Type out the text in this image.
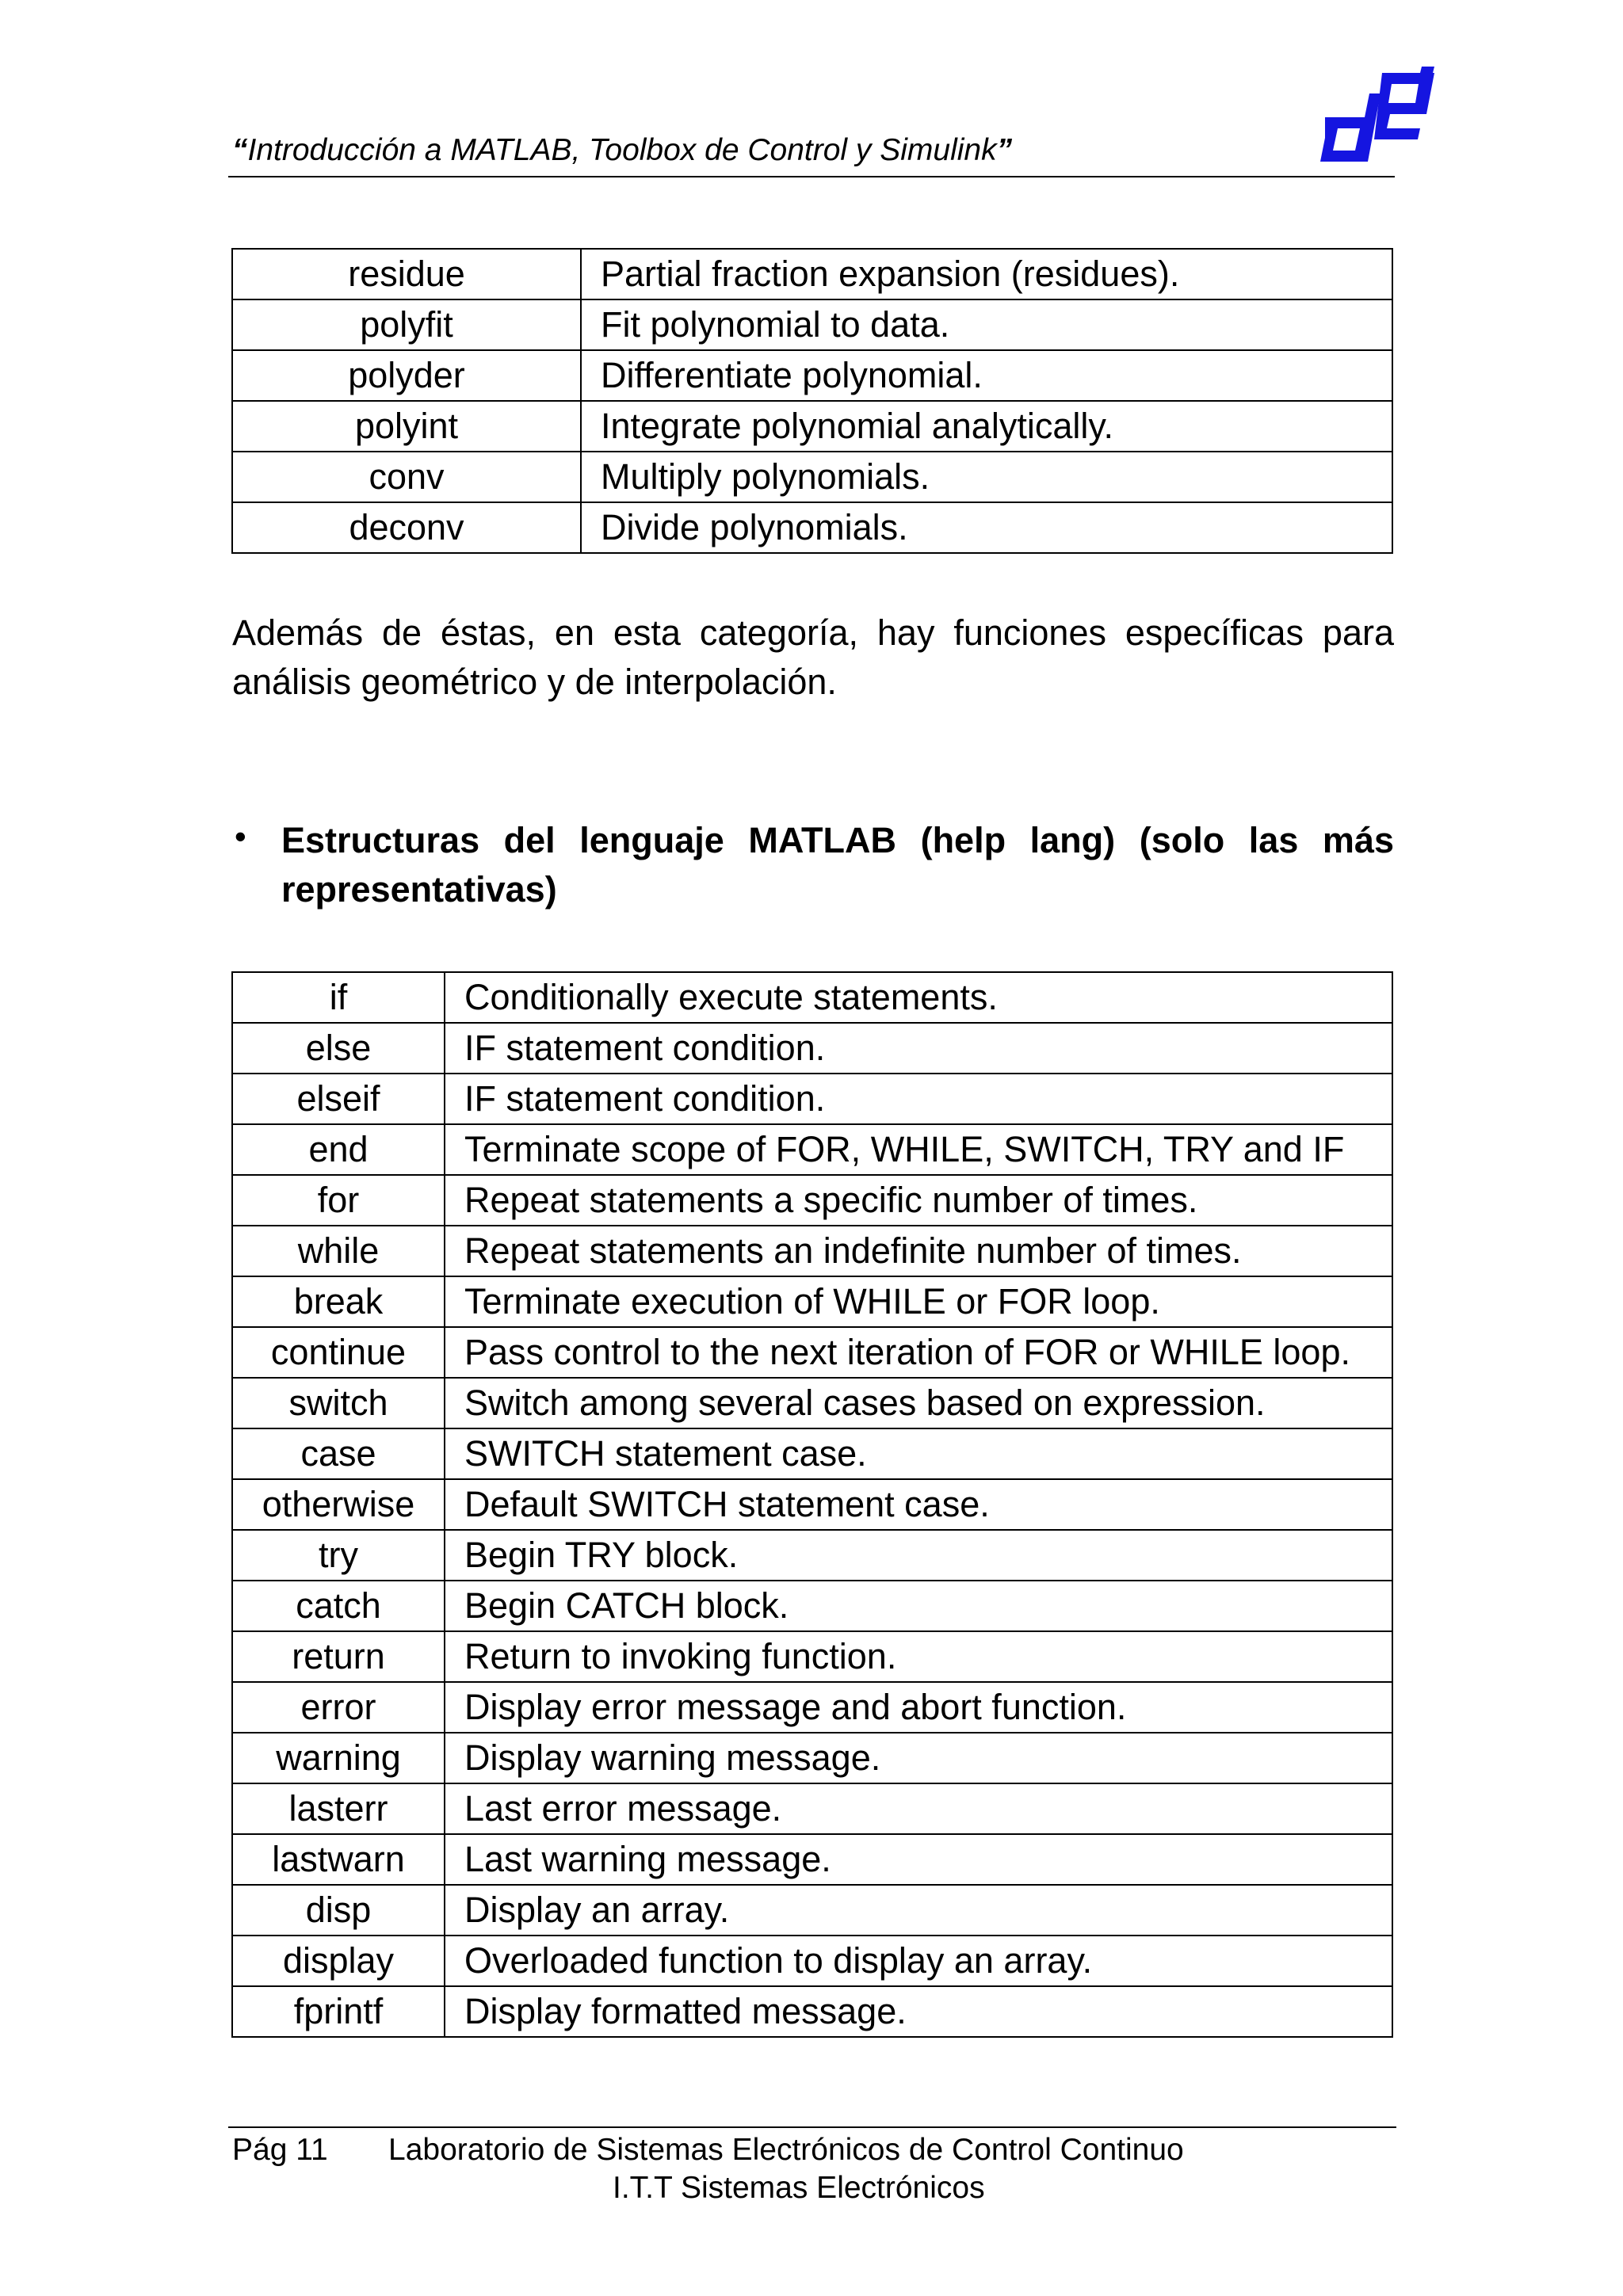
“Introducción a MATLAB, Toolbox de Control y Simulink”
residue	Partial fraction expansion (residues).
polyfit	Fit polynomial to data.
polyder	Differentiate polynomial.
polyint	Integrate polynomial analytically.
conv	Multiply polynomials.
deconv	Divide polynomials.
Además de éstas, en esta categoría, hay funciones específicas para análisis geométrico y de interpolación.
• Estructuras del lenguaje MATLAB (help lang) (solo las más representativas)
if	Conditionally execute statements.
else	IF statement condition.
elseif	IF statement condition.
end	Terminate scope of FOR, WHILE, SWITCH, TRY and IF
for	Repeat statements a specific number of times.
while	Repeat statements an indefinite number of times.
break	Terminate execution of WHILE or FOR loop.
continue	Pass control to the next iteration of FOR or WHILE loop.
switch	Switch among several cases based on expression.
case	SWITCH statement case.
otherwise	Default SWITCH statement case.
try	Begin TRY block.
catch	Begin CATCH block.
return	Return to invoking function.
error	Display error message and abort function.
warning	Display warning message.
lasterr	Last error message.
lastwarn	Last warning message.
disp	Display an array.
display	Overloaded function to display an array.
fprintf	Display formatted message.
Pág 11 Laboratorio de Sistemas Electrónicos de Control Continuo
I.T.T Sistemas Electrónicos
